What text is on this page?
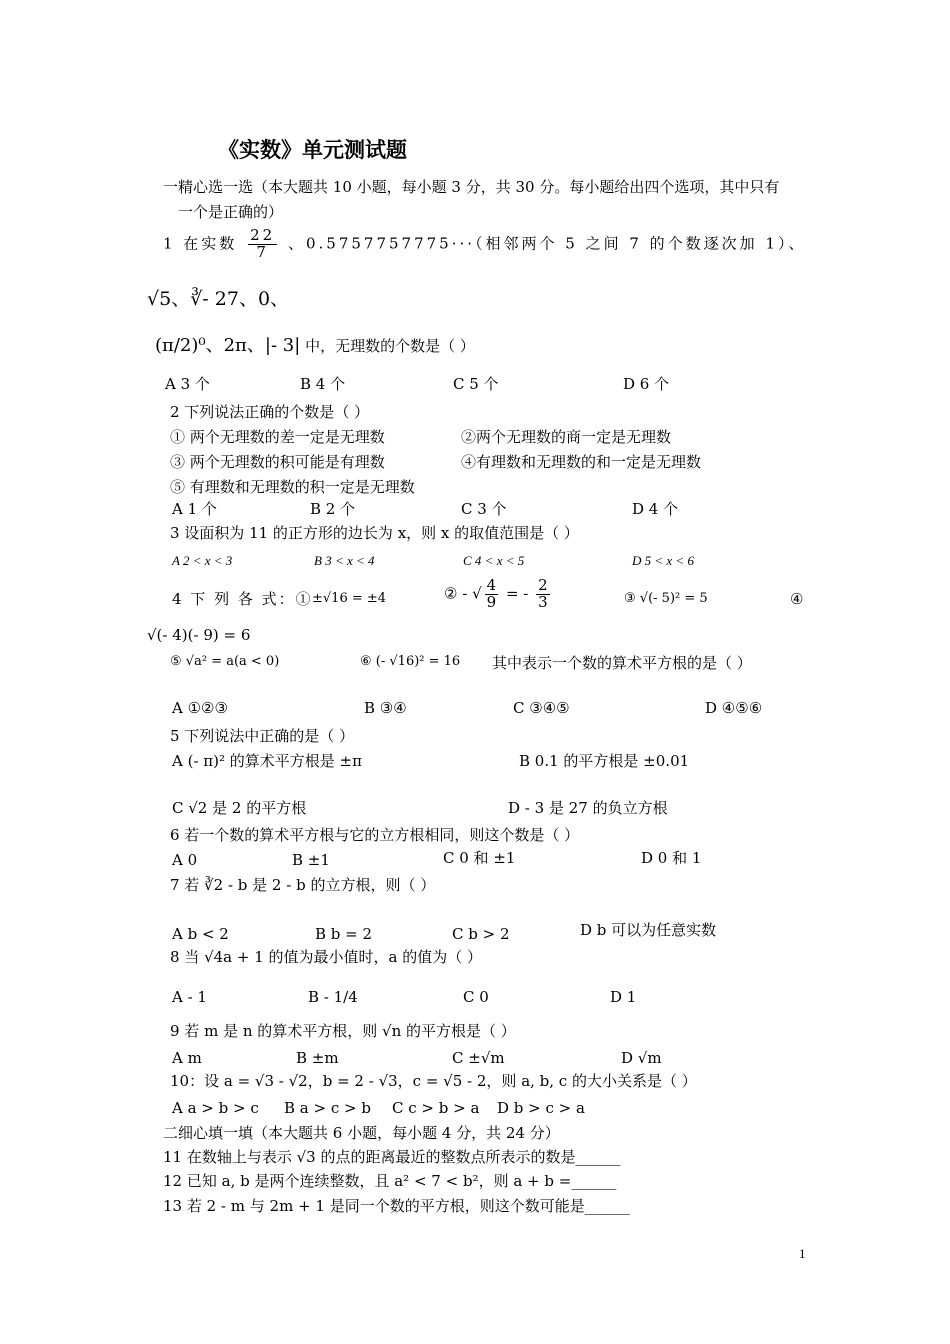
《实数》单元测试题
一精心选一选（本大题共 10 小题，每小题 3 分，共 30 分。每小题给出四个选项，其中只有
一个是正确的）
1 在实数 $\frac{22}{7}$ 、0.5757757775···（相邻两个 5 之间 7 的个数逐次加 1）、
√5、∛- 27、0、
(π/2)⁰、2π、|- 3| 中，无理数的个数是（ ）
A 3 个	B 4 个	C 5 个	D 6 个
2 下列说法正确的个数是（ ）
① 两个无理数的差一定是无理数	②两个无理数的商一定是无理数
③ 两个无理数的积可能是有理数	④有理数和无理数的和一定是无理数
⑤ 有理数和无理数的积一定是无理数
A 1 个	B 2 个	C 3 个	D 4 个
3 设面积为 11 的正方形的边长为 x，则 x 的取值范围是（ ）
A 2 < x < 3	B 3 < x < 4	C 4 < x < 5	D 5 < x < 6
4 下 列 各 式：① ±√16 = ±4	② - √ $\frac{4}{9}$ = - $\frac{2}{3}$	③ √(- 5)² = 5	④
√(- 4)(- 9) = 6
⑤ √a² = a(a < 0)	⑥ (- √16)² = 16 其中表示一个数的算术平方根的是（ ）
A ①②③	B ③④	C ③④⑤	D ④⑤⑥
5 下列说法中正确的是（ ）
A (- π)² 的算术平方根是 ±π	B 0.1 的平方根是 ±0.01
C √2 是 2 的平方根	D - 3 是 27 的负立方根
6 若一个数的算术平方根与它的立方根相同，则这个数是（ ）
A 0	B ±1	C 0 和 ±1	D 0 和 1
7 若 ∛2 - b 是 2 - b 的立方根，则（ ）
A b < 2	B b = 2	C b > 2	D b 可以为任意实数
8 当 √4a + 1 的值为最小值时，a 的值为（ ）
A - 1	B - 1/4	C 0	D 1
9 若 m 是 n 的算术平方根，则 √n 的平方根是（ ）
A m	B ±m	C ±√m	D √m
10：设 a = √3 - √2，b = 2 - √3，c = √5 - 2，则 a, b, c 的大小关系是（ ）
A a > b > c B a > c > b C c > b > a D b > c > a
二细心填一填（本大题共 6 小题，每小题 4 分，共 24 分）
11 在数轴上与表示 √3 的点的距离最近的整数点所表示的数是______
12 已知 a, b 是两个连续整数，且 a² < 7 < b²，则 a + b =______
13 若 2 - m 与 2m + 1 是同一个数的平方根，则这个数可能是______
1
